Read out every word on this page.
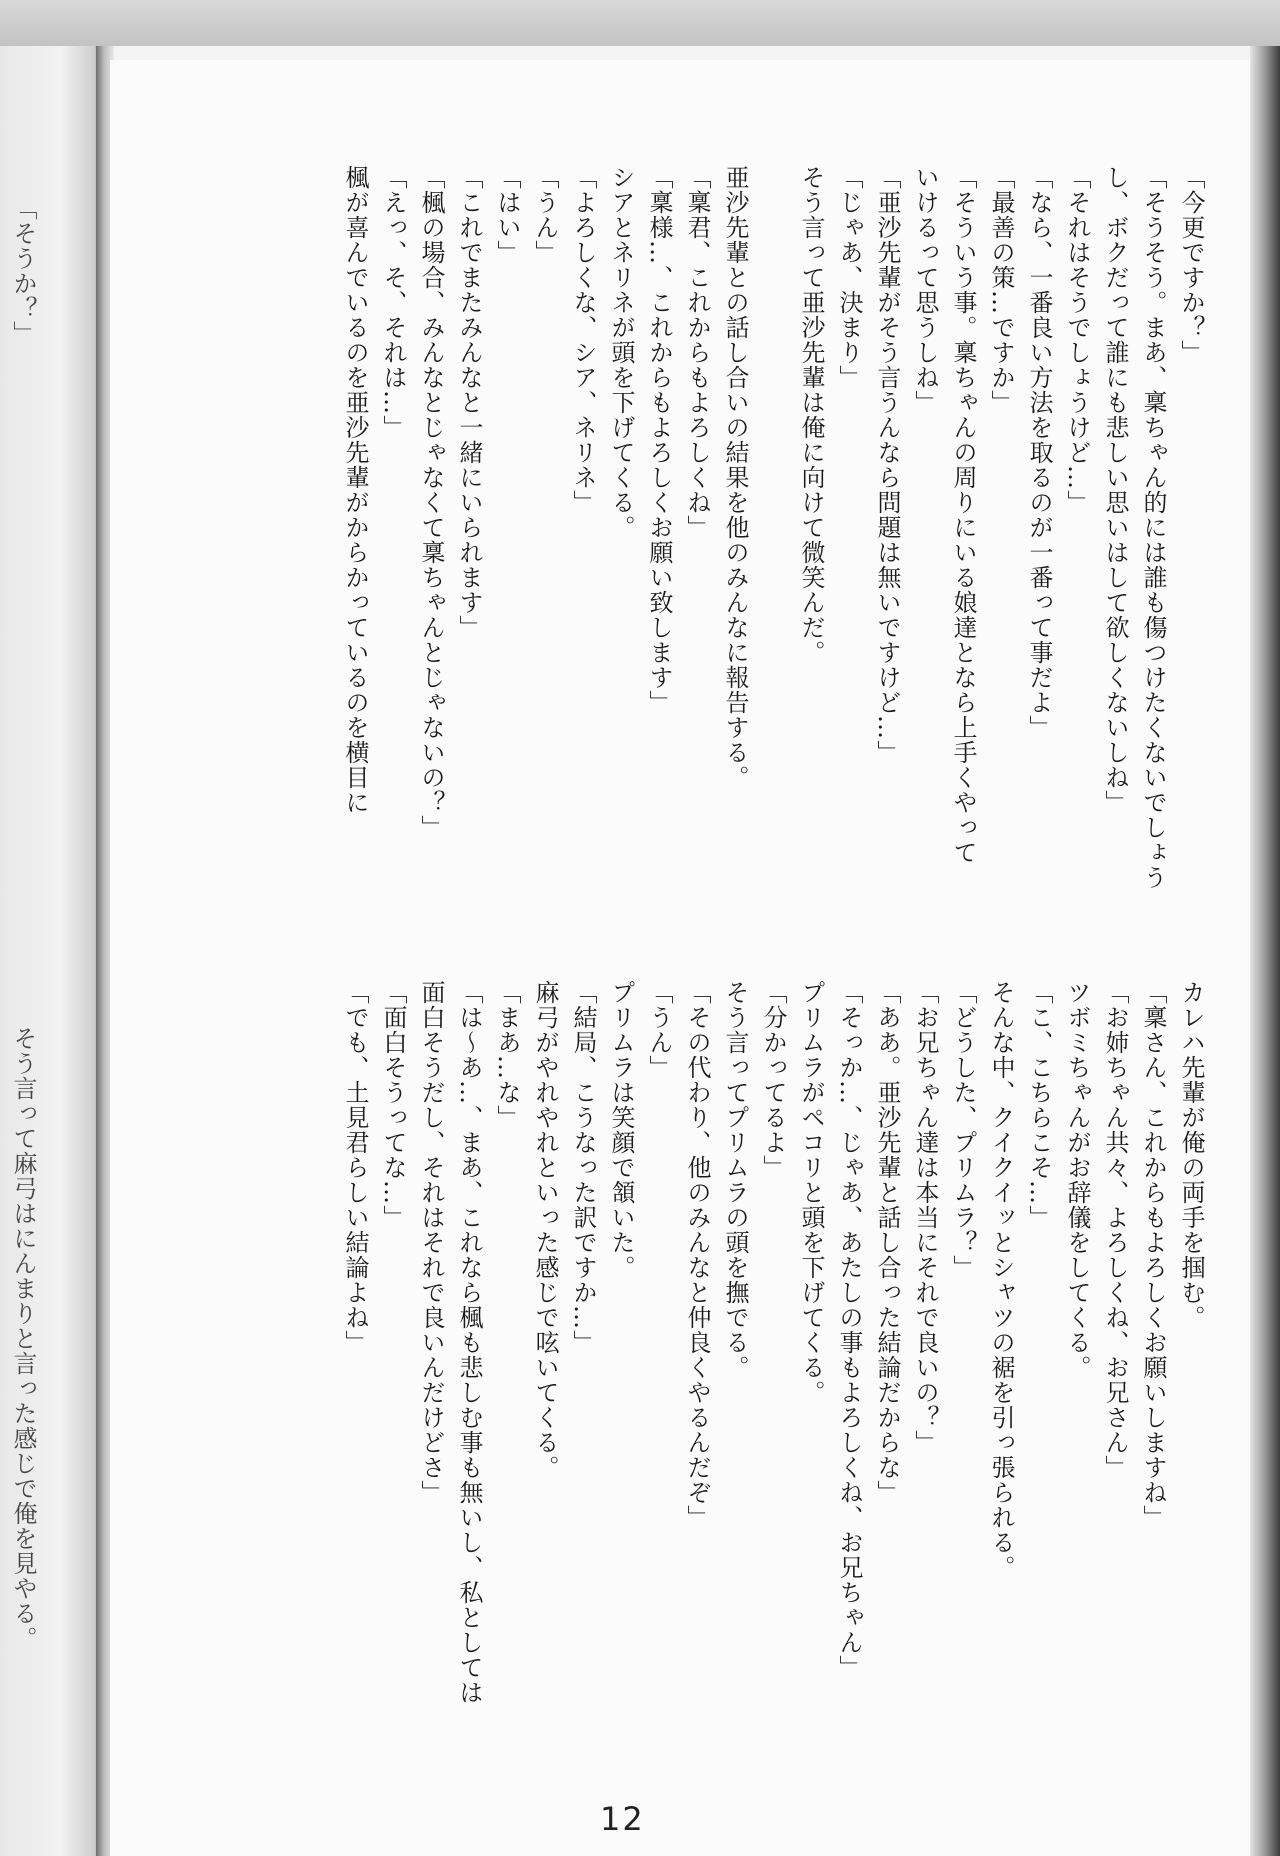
「そうか？」

そう言って麻弓はにんまりと言った感じで俺を見やる。

「今更ですか？」

「そうそう。まあ、稟ちゃん的には誰も傷つけたくないでしょう

し、ボクだって誰にも悲しい思いはして欲しくないしね」

「それはそうでしょうけど…」

「なら、一番良い方法を取るのが一番って事だよ」

「最善の策…ですか」

「そういう事。稟ちゃんの周りにいる娘達となら上手くやって

いけるって思うしね」

「亜沙先輩がそう言うんなら問題は無いですけど…」

「じゃあ、決まり」

そう言って亜沙先輩は俺に向けて微笑んだ。

亜沙先輩との話し合いの結果を他のみんなに報告する。

「稟君、これからもよろしくね」

「稟様…、これからもよろしくお願い致します」

シアとネリネが頭を下げてくる。

「よろしくな、シア、ネリネ」

「うん」

「はい」

「これでまたみんなと一緒にいられます」

「楓の場合、みんなとじゃなくて稟ちゃんとじゃないの？」

「えっ、そ、それは…」

楓が喜んでいるのを亜沙先輩がからかっているのを横目に

カレハ先輩が俺の両手を掴む。

「稟さん、これからもよろしくお願いしますね」

「お姉ちゃん共々、よろしくね、お兄さん」

ツボミちゃんがお辞儀をしてくる。

「こ、こちらこそ…」

そんな中、クイクイッとシャツの裾を引っ張られる。

「どうした、プリムラ？」

「お兄ちゃん達は本当にそれで良いの？」

「ああ。亜沙先輩と話し合った結論だからな」

「そっか…、じゃあ、あたしの事もよろしくね、お兄ちゃん」

プリムラがペコリと頭を下げてくる。

「分かってるよ」

そう言ってプリムラの頭を撫でる。

「その代わり、他のみんなと仲良くやるんだぞ」

「うん」

プリムラは笑顔で頷いた。

「結局、こうなった訳ですか…」

麻弓がやれやれといった感じで呟いてくる。

「まあ…な」

「は～あ…、まあ、これなら楓も悲しむ事も無いし、私としては

面白そうだし、それはそれで良いんだけどさ」

「面白そうってな…」

「でも、土見君らしい結論よね」

12
